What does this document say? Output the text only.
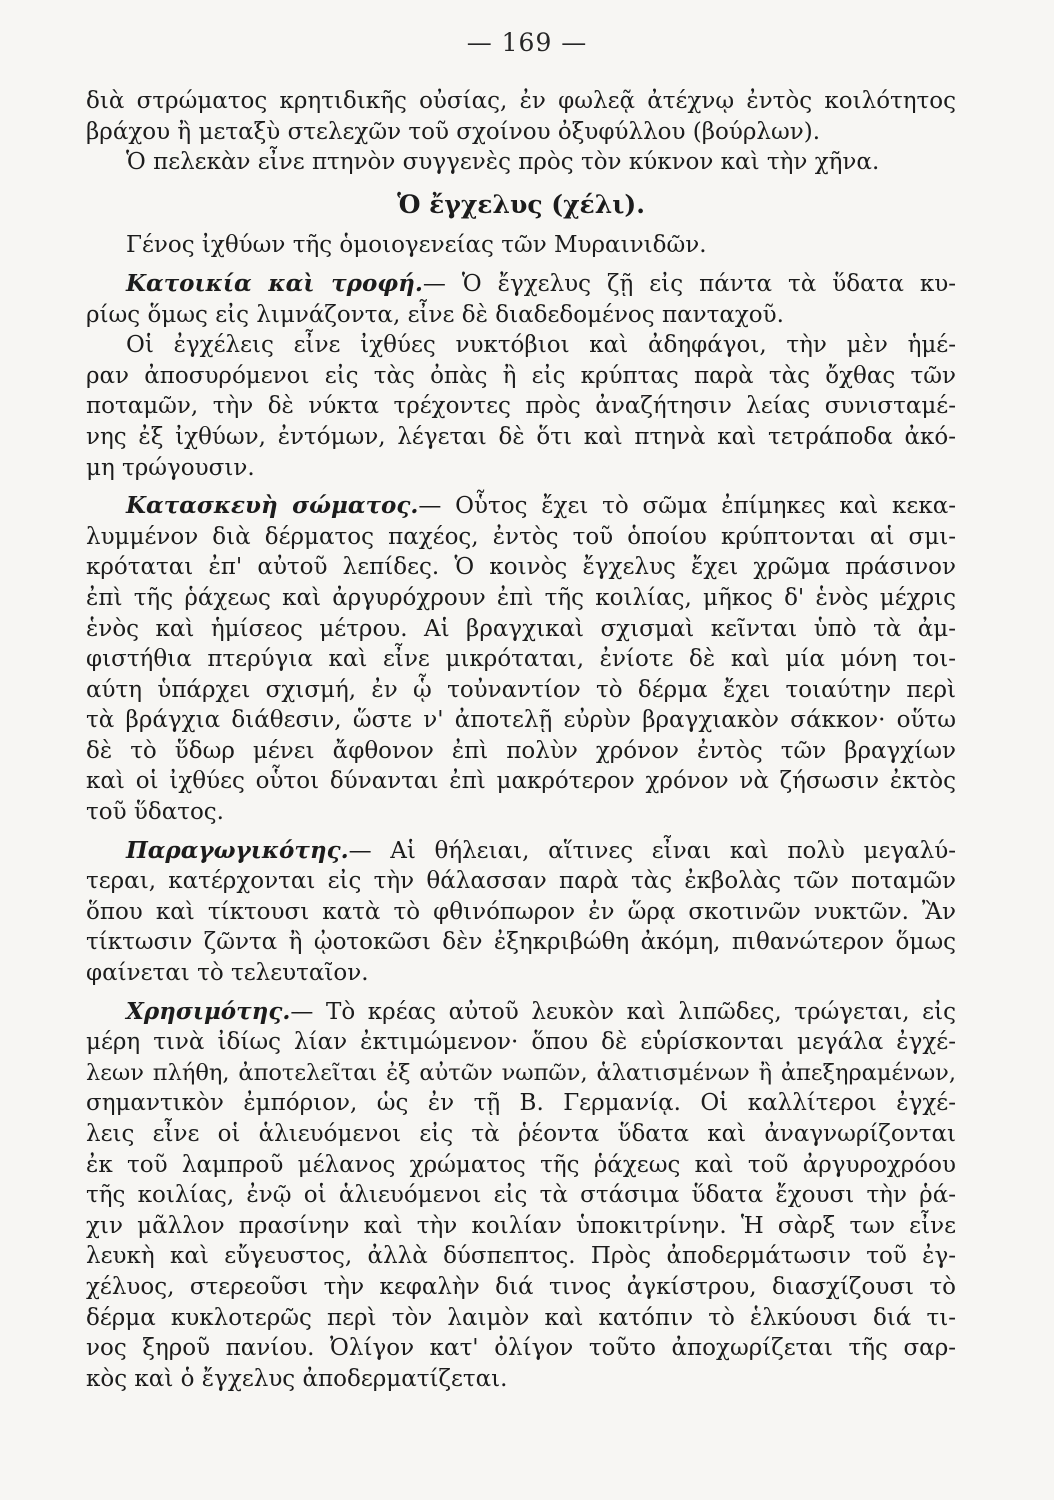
— 169 —
διὰ στρώματος κρητιδικῆς οὐσίας, ἐν φωλεᾷ ἀτέχνῳ ἐντὸς κοιλότητος
βράχου ἢ μεταξὺ στελεχῶν τοῦ σχοίνου ὀξυφύλλου (βούρλων).
Ὁ πελεκὰν εἶνε πτηνὸν συγγενὲς πρὸς τὸν κύκνον καὶ τὴν χῆνα.
Ὁ ἔγχελυς (χέλι).
Γένος ἰχθύων τῆς ὁμοιογενείας τῶν Μυραινιδῶν.
Κατοικία καὶ τροφή.— Ὁ ἔγχελυς ζῇ εἰς πάντα τὰ ὕδατα κυ-
ρίως ὅμως εἰς λιμνάζοντα, εἶνε δὲ διαδεδομένος πανταχοῦ.
Οἱ ἐγχέλεις εἶνε ἰχθύες νυκτόβιοι καὶ ἀδηφάγοι, τὴν μὲν ἡμέ-
ραν ἀποσυρόμενοι εἰς τὰς ὀπὰς ἢ εἰς κρύπτας παρὰ τὰς ὄχθας τῶν
ποταμῶν, τὴν δὲ νύκτα τρέχοντες πρὸς ἀναζήτησιν λείας συνισταμέ-
νης ἐξ ἰχθύων, ἐντόμων, λέγεται δὲ ὅτι καὶ πτηνὰ καὶ τετράποδα ἀκό-
μη τρώγουσιν.
Κατασκευὴ σώματος.— Οὗτος ἔχει τὸ σῶμα ἐπίμηκες καὶ κεκα-
λυμμένον διὰ δέρματος παχέος, ἐντὸς τοῦ ὁποίου κρύπτονται αἱ σμι-
κρόταται ἐπ' αὐτοῦ λεπίδες. Ὁ κοινὸς ἔγχελυς ἔχει χρῶμα πράσινον
ἐπὶ τῆς ῥάχεως καὶ ἀργυρόχρουν ἐπὶ τῆς κοιλίας, μῆκος δ' ἑνὸς μέχρις
ἑνὸς καὶ ἡμίσεος μέτρου. Αἱ βραγχικαὶ σχισμαὶ κεῖνται ὑπὸ τὰ ἀμ-
φιστήθια πτερύγια καὶ εἶνε μικρόταται, ἐνίοτε δὲ καὶ μία μόνη τοι-
αύτη ὑπάρχει σχισμή, ἐν ᾧ τοὐναντίον τὸ δέρμα ἔχει τοιαύτην περὶ
τὰ βράγχια διάθεσιν, ὥστε ν' ἀποτελῇ εὐρὺν βραγχιακὸν σάκκον· οὕτω
δὲ τὸ ὕδωρ μένει ἄφθονον ἐπὶ πολὺν χρόνον ἐντὸς τῶν βραγχίων
καὶ οἱ ἰχθύες οὗτοι δύνανται ἐπὶ μακρότερον χρόνον νὰ ζήσωσιν ἐκτὸς
τοῦ ὕδατος.
Παραγωγικότης.— Αἱ θήλειαι, αἵτινες εἶναι καὶ πολὺ μεγαλύ-
τεραι, κατέρχονται εἰς τὴν θάλασσαν παρὰ τὰς ἐκβολὰς τῶν ποταμῶν
ὅπου καὶ τίκτουσι κατὰ τὸ φθινόπωρον ἐν ὥρᾳ σκοτινῶν νυκτῶν. Ἂν
τίκτωσιν ζῶντα ἢ ᾠοτοκῶσι δὲν ἐξηκριβώθη ἀκόμη, πιθανώτερον ὅμως
φαίνεται τὸ τελευταῖον.
Χρησιμότης.— Τὸ κρέας αὐτοῦ λευκὸν καὶ λιπῶδες, τρώγεται, εἰς
μέρη τινὰ ἰδίως λίαν ἐκτιμώμενον· ὅπου δὲ εὑρίσκονται μεγάλα ἐγχέ-
λεων πλήθη, ἀποτελεῖται ἐξ αὐτῶν νωπῶν, ἁλατισμένων ἢ ἀπεξηραμένων,
σημαντικὸν ἐμπόριον, ὡς ἐν τῇ Β. Γερμανίᾳ. Οἱ καλλίτεροι ἐγχέ-
λεις εἶνε οἱ ἁλιευόμενοι εἰς τὰ ῥέοντα ὕδατα καὶ ἀναγνωρίζονται
ἐκ τοῦ λαμπροῦ μέλανος χρώματος τῆς ῥάχεως καὶ τοῦ ἀργυροχρόου
τῆς κοιλίας, ἐνῷ οἱ ἁλιευόμενοι εἰς τὰ στάσιμα ὕδατα ἔχουσι τὴν ῥά-
χιν μᾶλλον πρασίνην καὶ τὴν κοιλίαν ὑποκιτρίνην. Ἡ σὰρξ των εἶνε
λευκὴ καὶ εὔγευστος, ἀλλὰ δύσπεπτος. Πρὸς ἀποδερμάτωσιν τοῦ ἐγ-
χέλυος, στερεοῦσι τὴν κεφαλὴν διά τινος ἀγκίστρου, διασχίζουσι τὸ
δέρμα κυκλοτερῶς περὶ τὸν λαιμὸν καὶ κατόπιν τὸ ἑλκύουσι διά τι-
νος ξηροῦ πανίου. Ὀλίγον κατ' ὀλίγον τοῦτο ἀποχωρίζεται τῆς σαρ-
κὸς καὶ ὁ ἔγχελυς ἀποδερματίζεται.
